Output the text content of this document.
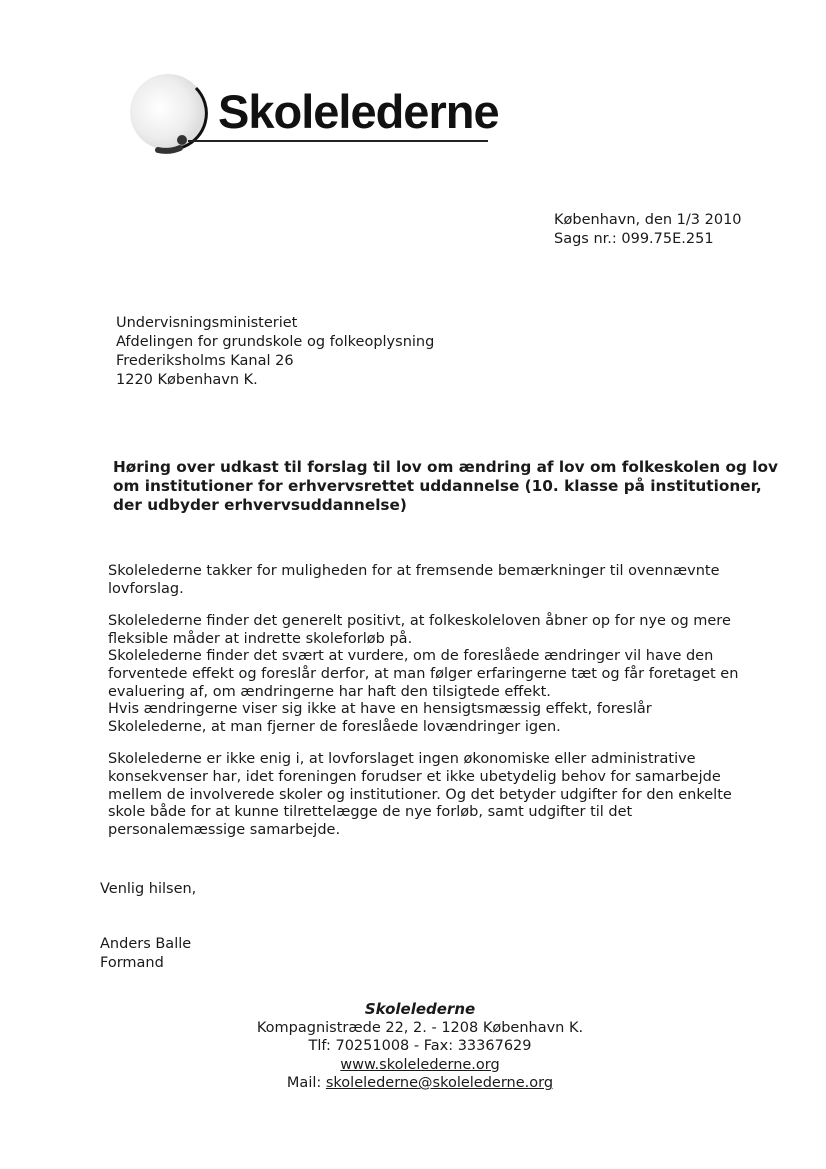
Skolelederne
København, den 1/3 2010
Sags nr.: 099.75E.251
Undervisningsministeriet
Afdelingen for grundskole og folkeoplysning
Frederiksholms Kanal 26
1220 København K.
Høring over udkast til forslag til lov om ændring af lov om folkeskolen og lov
om institutioner for erhvervsrettet uddannelse (10. klasse på institutioner,
der udbyder erhvervsuddannelse)

Skolelederne takker for muligheden for at fremsende bemærkninger til ovennævnte
lovforslag.

Skolelederne finder det generelt positivt, at folkeskoleloven åbner op for nye og mere
fleksible måder at indrette skoleforløb på.
Skolelederne finder det svært at vurdere, om de foreslåede ændringer vil have den
forventede effekt og foreslår derfor, at man følger erfaringerne tæt og får foretaget en
evaluering af, om ændringerne har haft den tilsigtede effekt.
Hvis ændringerne viser sig ikke at have en hensigtsmæssig effekt, foreslår
Skolelederne, at man fjerner de foreslåede lovændringer igen.

Skolelederne er ikke enig i, at lovforslaget ingen økonomiske eller administrative
konsekvenser har, idet foreningen forudser et ikke ubetydelig behov for samarbejde
mellem de involverede skoler og institutioner. Og det betyder udgifter for den enkelte
skole både for at kunne tilrettelægge de nye forløb, samt udgifter til det
personalemæssige samarbejde.

Venlig hilsen,
Anders Balle
Formand
Skolelederne
Kompagnistræde 22, 2. - 1208 København K.
Tlf: 70251008 - Fax: 33367629
www.skolelederne.org
Mail: skolelederne@skolelederne.org
